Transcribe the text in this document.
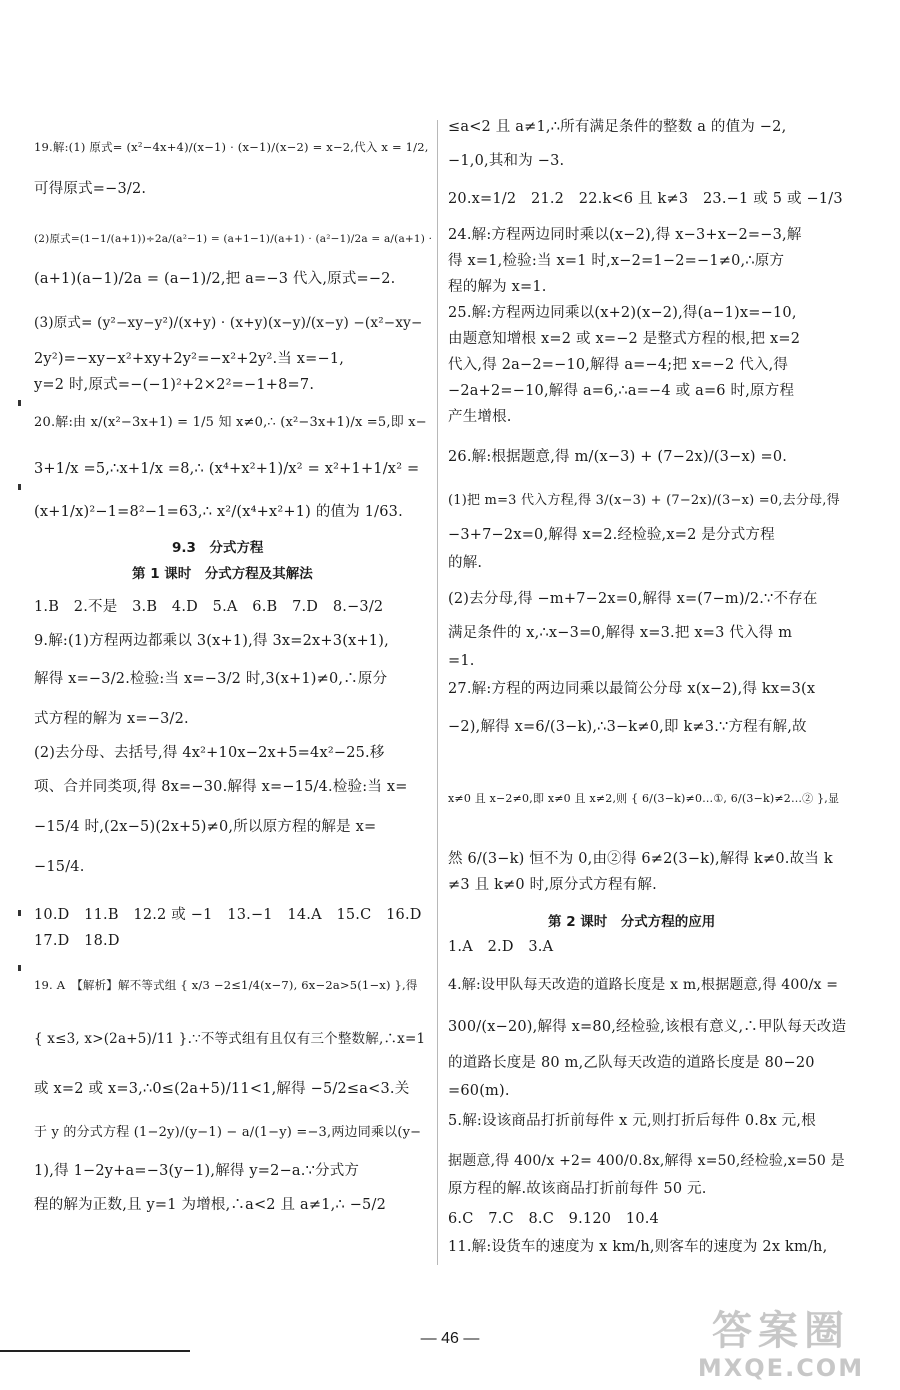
19.解:(1) 原式= (x²−4x+4)/(x−1) · (x−1)/(x−2) = x−2,代入 x = 1/2,
可得原式=−3/2.
(2)原式=(1−1/(a+1))÷2a/(a²−1) = (a+1−1)/(a+1) · (a²−1)/2a = a/(a+1) ·
(a+1)(a−1)/2a = (a−1)/2,把 a=−3 代入,原式=−2.
(3)原式= (y²−xy−y²)/(x+y) · (x+y)(x−y)/(x−y) −(x²−xy−
2y²)=−xy−x²+xy+2y²=−x²+2y².当 x=−1,
y=2 时,原式=−(−1)²+2×2²=−1+8=7.
20.解:由 x/(x²−3x+1) = 1/5 知 x≠0,∴ (x²−3x+1)/x =5,即 x−
3+1/x =5,∴x+1/x =8,∴ (x⁴+x²+1)/x² = x²+1+1/x² =
(x+1/x)²−1=8²−1=63,∴ x²/(x⁴+x²+1) 的值为 1/63.
9.3　分式方程
第 1 课时　分式方程及其解法
1.B　2.不是　3.B　4.D　5.A　6.B　7.D　8.−3/2
9.解:(1)方程两边都乘以 3(x+1),得 3x=2x+3(x+1),
解得 x=−3/2.检验:当 x=−3/2 时,3(x+1)≠0,∴原分
式方程的解为 x=−3/2.
(2)去分母、去括号,得 4x²+10x−2x+5=4x²−25.移
项、合并同类项,得 8x=−30.解得 x=−15/4.检验:当 x=
−15/4 时,(2x−5)(2x+5)≠0,所以原方程的解是 x=
−15/4.
10.D　11.B　12.2 或 −1　13.−1　14.A　15.C　16.D
17.D　18.D
19. A　【解析】解不等式组 { x/3 −2≤1/4(x−7), 6x−2a>5(1−x) },得
{ x≤3, x>(2a+5)/11 }.∵不等式组有且仅有三个整数解,∴x=1
或 x=2 或 x=3,∴0≤(2a+5)/11<1,解得 −5/2≤a<3.关
于 y 的分式方程 (1−2y)/(y−1) − a/(1−y) =−3,两边同乘以(y−
1),得 1−2y+a=−3(y−1),解得 y=2−a.∵分式方
程的解为正数,且 y=1 为增根,∴a<2 且 a≠1,∴ −5/2
≤a<2 且 a≠1,∴所有满足条件的整数 a 的值为 −2,
−1,0,其和为 −3.
20.x=1/2　21.2　22.k<6 且 k≠3　23.−1 或 5 或 −1/3
24.解:方程两边同时乘以(x−2),得 x−3+x−2=−3,解
得 x=1,检验:当 x=1 时,x−2=1−2=−1≠0,∴原方
程的解为 x=1.
25.解:方程两边同乘以(x+2)(x−2),得(a−1)x=−10,
由题意知增根 x=2 或 x=−2 是整式方程的根,把 x=2
代入,得 2a−2=−10,解得 a=−4;把 x=−2 代入,得
−2a+2=−10,解得 a=6,∴a=−4 或 a=6 时,原方程
产生增根.
26.解:根据题意,得 m/(x−3) + (7−2x)/(3−x) =0.
(1)把 m=3 代入方程,得 3/(x−3) + (7−2x)/(3−x) =0,去分母,得
−3+7−2x=0,解得 x=2.经检验,x=2 是分式方程
的解.
(2)去分母,得 −m+7−2x=0,解得 x=(7−m)/2.∵不存在
满足条件的 x,∴x−3=0,解得 x=3.把 x=3 代入得 m
=1.
27.解:方程的两边同乘以最简公分母 x(x−2),得 kx=3(x
−2),解得 x=6/(3−k),∴3−k≠0,即 k≠3.∵方程有解,故
x≠0 且 x−2≠0,即 x≠0 且 x≠2,则 { 6/(3−k)≠0…①, 6/(3−k)≠2…② },显
然 6/(3−k) 恒不为 0,由②得 6≠2(3−k),解得 k≠0.故当 k
≠3 且 k≠0 时,原分式方程有解.
第 2 课时　分式方程的应用
1.A　2.D　3.A
4.解:设甲队每天改造的道路长度是 x m,根据题意,得 400/x =
300/(x−20),解得 x=80,经检验,该根有意义,∴甲队每天改造
的道路长度是 80 m,乙队每天改造的道路长度是 80−20
=60(m).
5.解:设该商品打折前每件 x 元,则打折后每件 0.8x 元,根
据题意,得 400/x +2= 400/0.8x,解得 x=50,经检验,x=50 是
原方程的解.故该商品打折前每件 50 元.
6.C　7.C　8.C　9.120　10.4
11.解:设货车的速度为 x km/h,则客车的速度为 2x km/h,
— 46 —	答案圈
MXQE.COM
